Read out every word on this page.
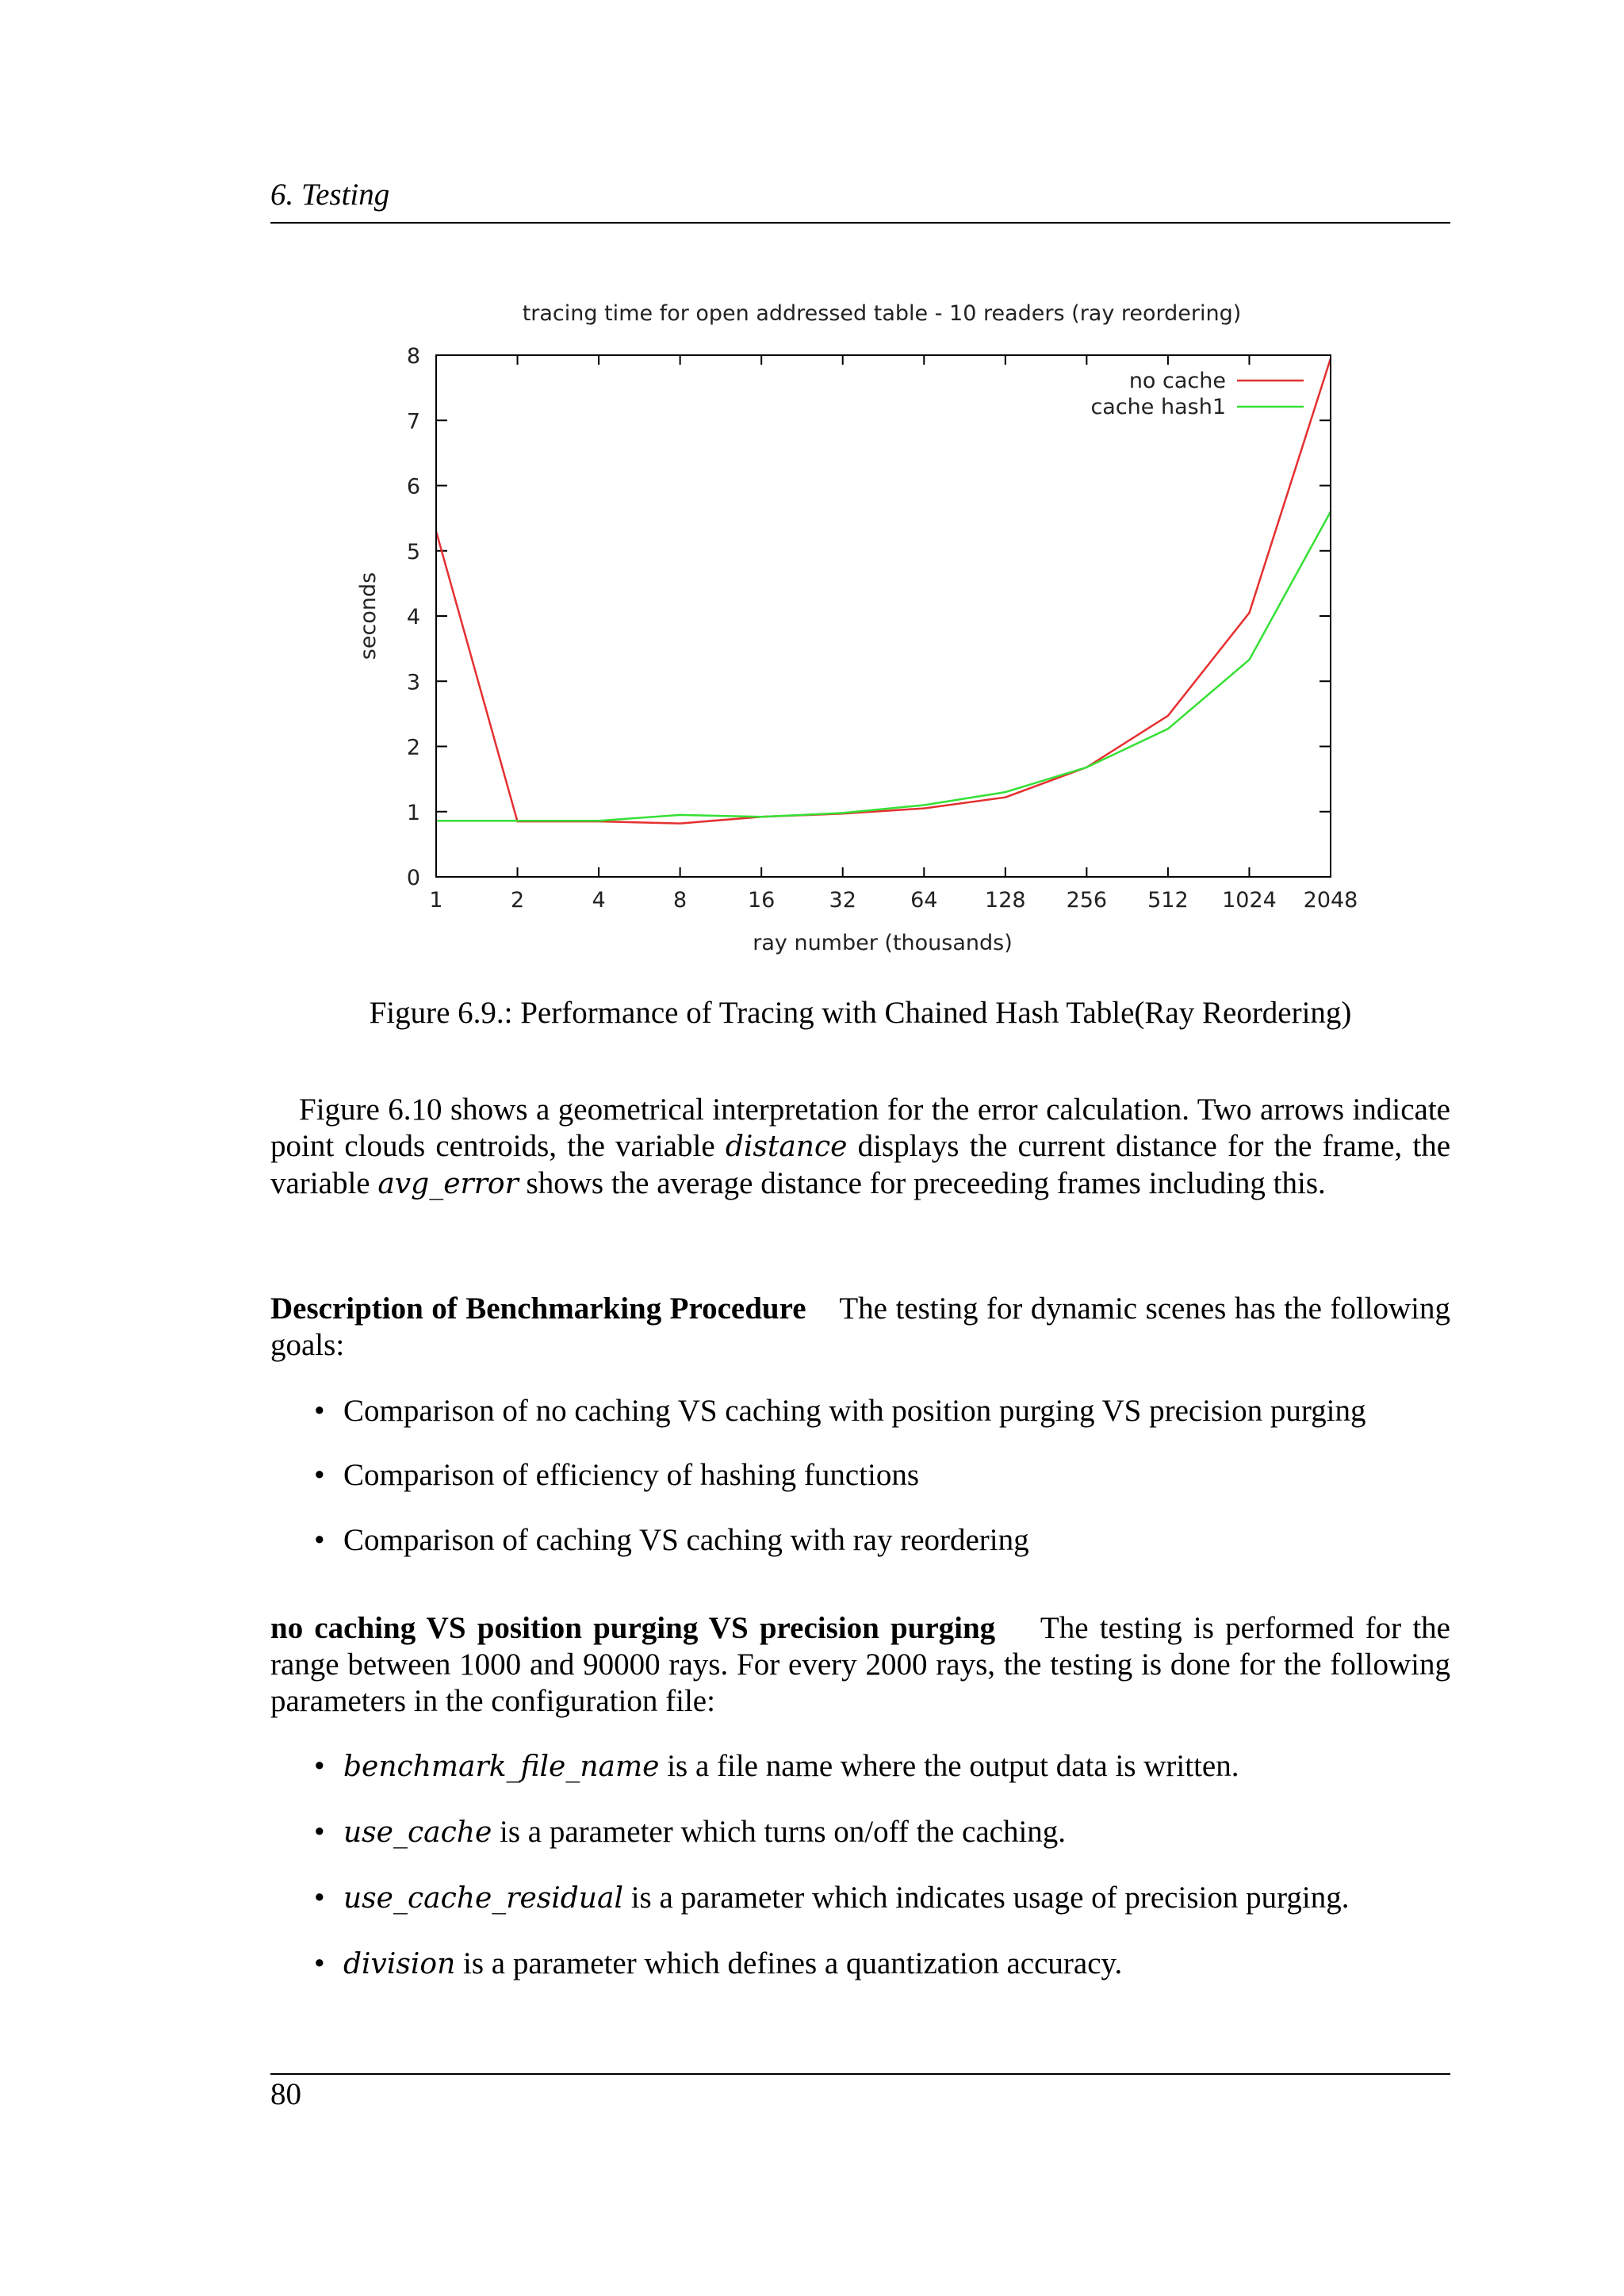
6. Testing
tracing time for open addressed table - 10 readers (ray reordering)
seconds
ray number (thousands)
1	2	4	8	16	32	64 128 256 512 1024 2048
0
1
2
3
4
5
6
7
8
no cache
cache hash1
Figure 6.9.: Performance of Tracing with Chained Hash Table(Ray Reordering)
Figure 6.10 shows a geometrical interpretation for the error calculation. Two arrows indicate point clouds centroids, the variable distance displays the current distance for the frame, the variable avg_error shows the average distance for preceeding frames including this.
Description of Benchmarking Procedure The testing for dynamic scenes has the following goals:
• Comparison of no caching VS caching with position purging VS precision purging
• Comparison of efficiency of hashing functions
• Comparison of caching VS caching with ray reordering
no caching VS position purging VS precision purging The testing is performed for the range between 1000 and 90000 rays. For every 2000 rays, the testing is done for the following parameters in the configuration file:
• benchmark_file_name is a file name where the output data is written.
• use_cache is a parameter which turns on/off the caching.
• use_cache_residual is a parameter which indicates usage of precision purging.
• division is a parameter which defines a quantization accuracy.
80
